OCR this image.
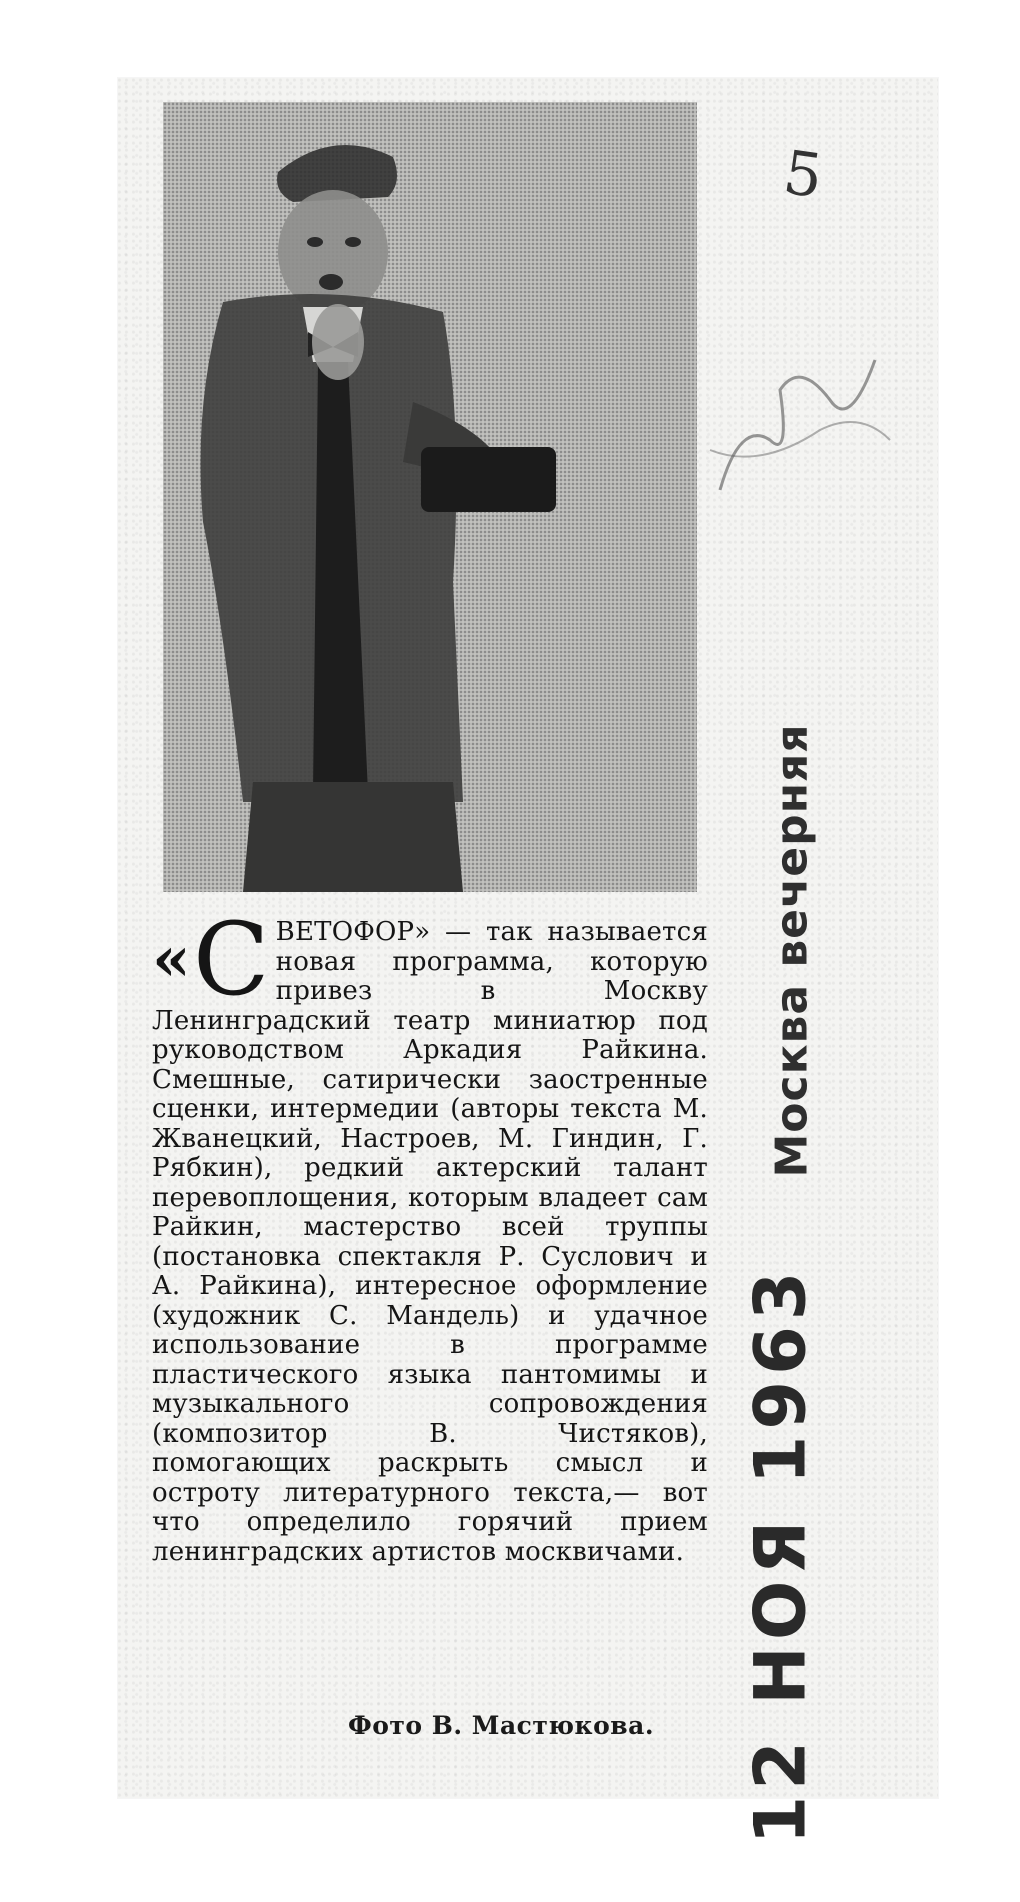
« С ВЕТОФОР» — так называется новая программа, которую привез в Москву Ленинградский театр миниатюр под руководством Аркадия Райкина. Смешные, сатирически заостренные сценки, интермедии (авторы текста М. Жванецкий, Настроев, М. Гиндин, Г. Рябкин), редкий актерский талант перевоплощения, которым владеет сам Райкин, мастерство всей труппы (постановка спектакля Р. Суслович и А. Райкина), интересное оформление (художник С. Мандель) и удачное использование в программе пластического языка пантомимы и музыкального сопровождения (композитор В. Чистяков), помогающих раскрыть смысл и остроту литературного текста,— вот что определило горячий прием ленинградских артистов москвичами.
Фото В. Мастюкова.
Москва вечерняя
12 НОЯ 1963
5
